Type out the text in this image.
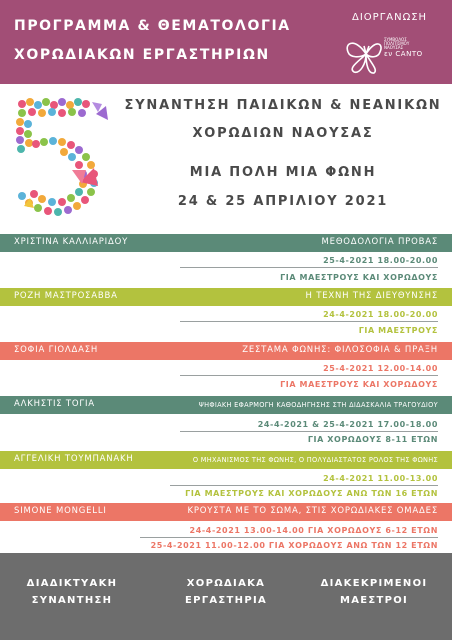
ΠΡΟΓΡΑΜΜΑ & ΘΕΜΑΤΟΛΟΓΙΑ
ΧΟΡΩΔΙΑΚΩΝ ΕΡΓΑΣΤΗΡΙΩΝ
ΔΙΟΡΓΑΝΩΣΗ
ΣΥΜΒΟΛΟΣ ΠΟΛΙΤΙΣΜΟΥ ΝΑΟΥΣΑΣ
εν CANTO
ΣΥΝΑΝΤΗΣΗ ΠΑΙΔΙΚΩΝ & ΝΕΑΝΙΚΩΝ
ΧΟΡΩΔΙΩΝ ΝΑΟΥΣΑΣ
ΜΙΑ ΠΟΛΗ ΜΙΑ ΦΩΝΗ
24 & 25 ΑΠΡΙΛΙΟΥ 2021
ΧΡΙΣΤΙΝΑ ΚΑΛΛΙΑΡΙΔΟΥ	ΜΕΘΟΔΟΛΟΓΙΑ ΠΡΟΒΑΣ
25-4-2021 18.00-20.00
ΓΙΑ ΜΑΕΣΤΡΟΥΣ ΚΑΙ ΧΟΡΩΔΟΥΣ
ΡΟΖΗ ΜΑΣΤΡΟΣΑΒΒΑ	Η ΤΕΧΝΗ ΤΗΣ ΔΙΕΥΘΥΝΣΗΣ
24-4-2021 18.00-20.00
ΓΙΑ ΜΑΕΣΤΡΟΥΣ
ΣΟΦΙΑ ΓΙΟΛΔΑΣΗ	ΖΕΣΤΑΜΑ ΦΩΝΗΣ: ΦΙΛΟΣΟΦΙΑ & ΠΡΑΞΗ
25-4-2021 12.00-14.00
ΓΙΑ ΜΑΕΣΤΡΟΥΣ ΚΑΙ ΧΟΡΩΔΟΥΣ
ΑΛΚΗΣΤΙΣ ΤΟΓΙΑ	ΨΗΦΙΑΚΗ ΕΦΑΡΜΟΓΗ ΚΑΘΟΔΗΓΗΣΗΣ ΣΤΗ ΔΙΔΑΣΚΑΛΙΑ ΤΡΑΓΟΥΔΙΟΥ
24-4-2021 & 25-4-2021 17.00-18.00
ΓΙΑ ΧΟΡΩΔΟΥΣ 8-11 ΕΤΩΝ
ΑΓΓΕΛΙΚΗ ΤΟΥΜΠΑΝΑΚΗ	Ο ΜΗΧΑΝΙΣΜΟΣ ΤΗΣ ΦΩΝΗΣ, Ο ΠΟΛΥΔΙΑΣΤΑΤΟΣ ΡΟΛΟΣ ΤΗΣ ΦΩΝΗΣ
24-4-2021 11.00-13.00
ΓΙΑ ΜΑΕΣΤΡΟΥΣ ΚΑΙ ΧΟΡΩΔΟΥΣ ΑΝΩ ΤΩΝ 16 ΕΤΩΝ
SIMONE MONGELLI	ΚΡΟΥΣΤΑ ΜΕ ΤΟ ΣΩΜΑ, ΣΤΙΣ ΧΟΡΩΔΙΑΚΕΣ ΟΜΑΔΕΣ
24-4-2021 13.00-14.00 ΓΙΑ ΧΟΡΩΔΟΥΣ 6-12 ΕΤΩΝ
25-4-2021 11.00-12.00 ΓΙΑ ΧΟΡΩΔΟΥΣ ΑΝΩ ΤΩΝ 12 ΕΤΩΝ
ΔΙΑΔΙΚΤΥΑΚΗ
ΣΥΝΑΝΤΗΣΗ
ΧΟΡΩΔΙΑΚΑ
ΕΡΓΑΣΤΗΡΙΑ
ΔΙΑΚΕΚΡΙΜΕΝΟΙ
ΜΑΕΣΤΡΟΙ
